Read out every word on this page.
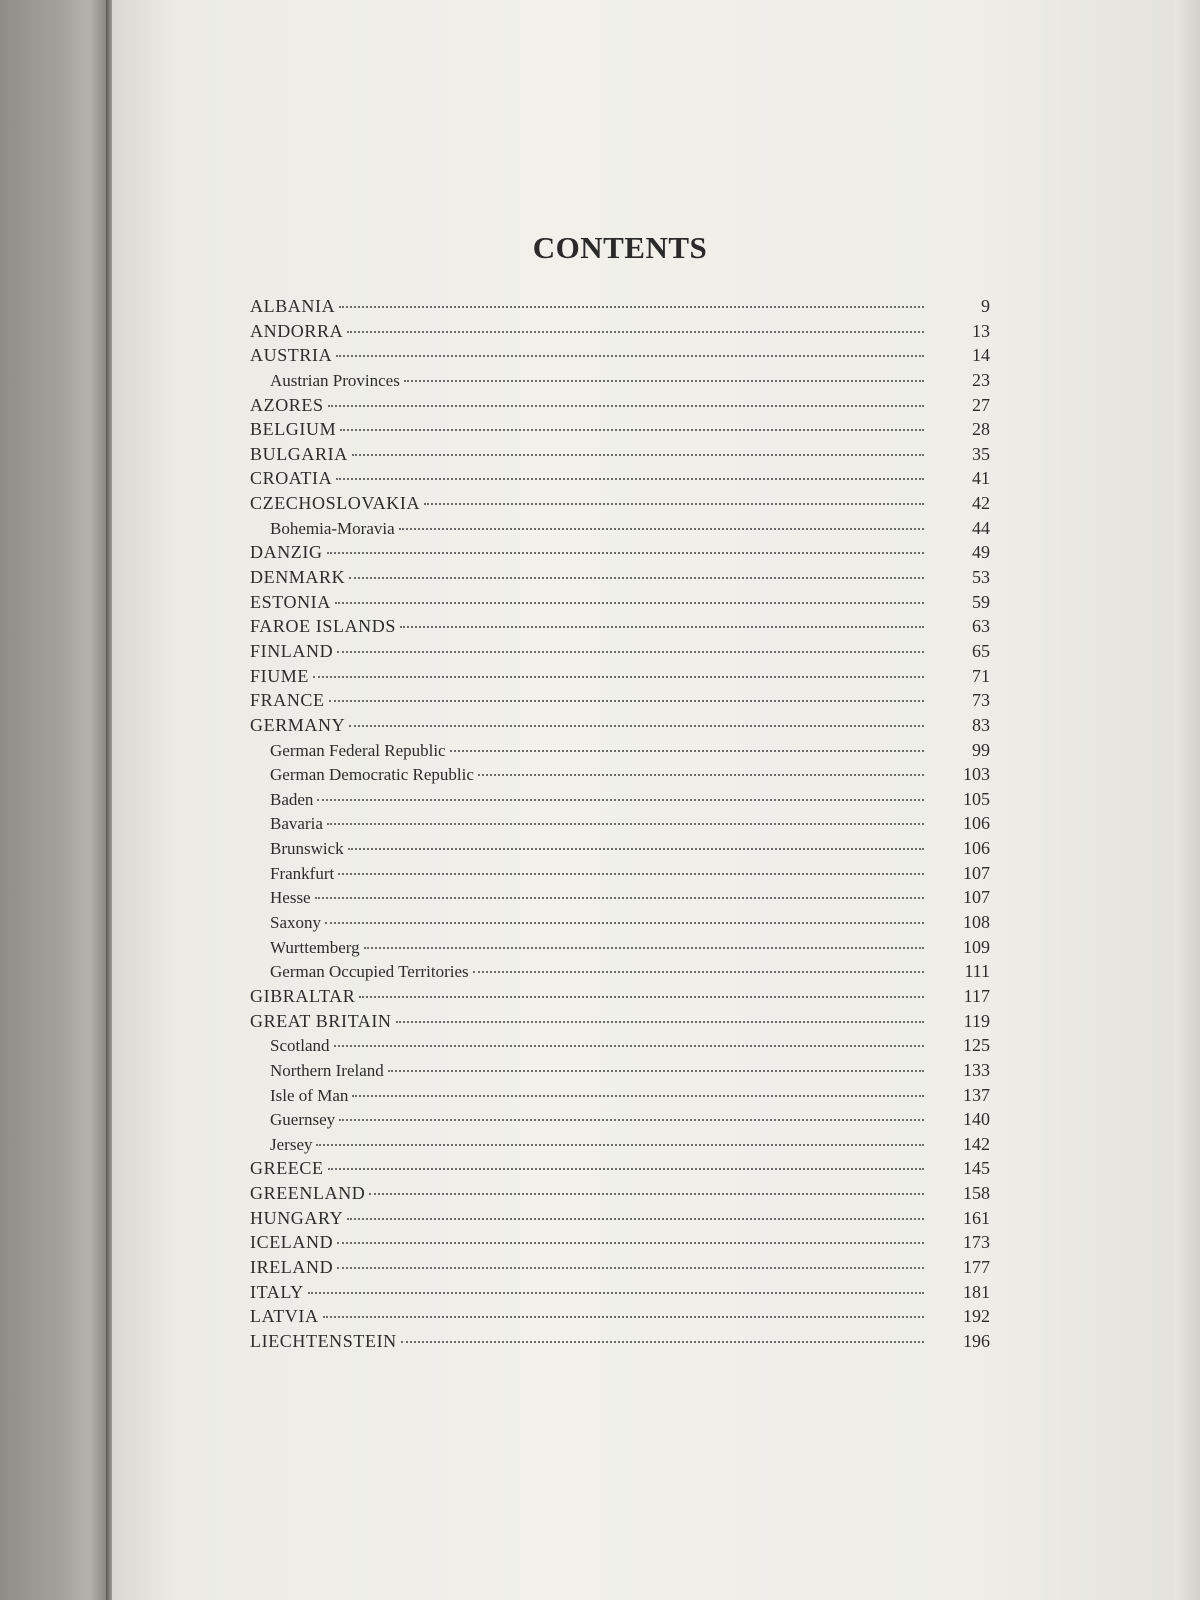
CONTENTS
ALBANIA	9
ANDORRA	13
AUSTRIA	14
Austrian Provinces	23
AZORES	27
BELGIUM	28
BULGARIA	35
CROATIA	41
CZECHOSLOVAKIA	42
Bohemia-Moravia	44
DANZIG	49
DENMARK	53
ESTONIA	59
FAROE ISLANDS	63
FINLAND	65
FIUME	71
FRANCE	73
GERMANY	83
German Federal Republic	99
German Democratic Republic	103
Baden	105
Bavaria	106
Brunswick	106
Frankfurt	107
Hesse	107
Saxony	108
Wurttemberg	109
German Occupied Territories	111
GIBRALTAR	117
GREAT BRITAIN	119
Scotland	125
Northern Ireland	133
Isle of Man	137
Guernsey	140
Jersey	142
GREECE	145
GREENLAND	158
HUNGARY	161
ICELAND	173
IRELAND	177
ITALY	181
LATVIA	192
LIECHTENSTEIN	196
